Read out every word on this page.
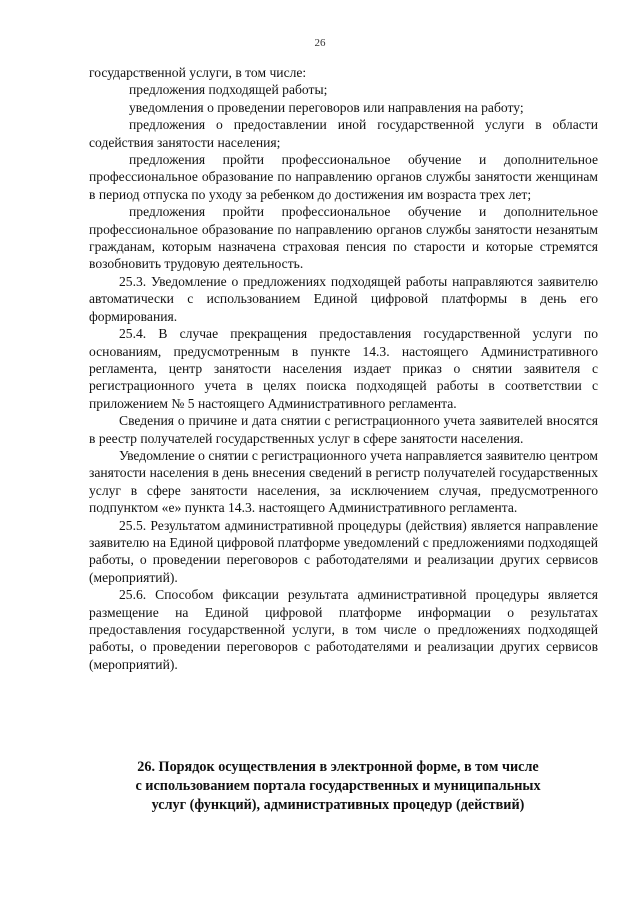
26

государственной услуги, в том числе:

предложения подходящей работы;

уведомления о проведении переговоров или направления на работу;

предложения о предоставлении иной государственной услуги в области содействия занятости населения;

предложения пройти профессиональное обучение и дополнительное профессиональное образование по направлению органов службы занятости женщинам в период отпуска по уходу за ребенком до достижения им возраста трех лет;

предложения пройти профессиональное обучение и дополнительное профессиональное образование по направлению органов службы занятости незанятым гражданам, которым назначена страховая пенсия по старости и которые стремятся возобновить трудовую деятельность.

25.3. Уведомление о предложениях подходящей работы направляются заявителю автоматически с использованием Единой цифровой платформы в день его формирования.

25.4. В случае прекращения предоставления государственной услуги по основаниям, предусмотренным в пункте 14.3. настоящего Административного регламента, центр занятости населения издает приказ о снятии заявителя с регистрационного учета в целях поиска подходящей работы в соответствии с приложением № 5 настоящего Административного регламента.

Сведения о причине и дата снятии с регистрационного учета заявителей вносятся в реестр получателей государственных услуг в сфере занятости населения.

Уведомление о снятии с регистрационного учета направляется заявителю центром занятости населения в день внесения сведений в регистр получателей государственных услуг в сфере занятости населения, за исключением случая, предусмотренного подпунктом «е» пункта 14.3. настоящего Административного регламента.

25.5. Результатом административной процедуры (действия) является направление заявителю на Единой цифровой платформе уведомлений с предложениями подходящей работы, о проведении переговоров с работодателями и реализации других сервисов (мероприятий).

25.6. Способом фиксации результата административной процедуры является размещение на Единой цифровой платформе информации о результатах предоставления государственной услуги, в том числе о предложениях подходящей работы, о проведении переговоров с работодателями и реализации других сервисов (мероприятий).

26. Порядок осуществления в электронной форме, в том числе
с использованием портала государственных и муниципальных
услуг (функций), административных процедур (действий)
